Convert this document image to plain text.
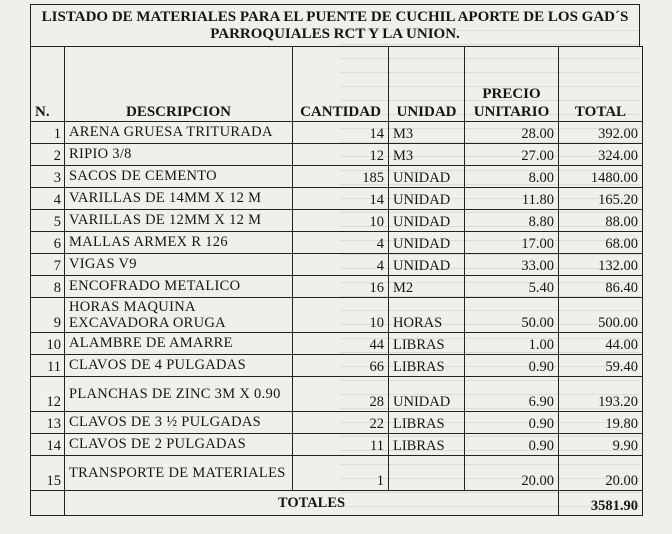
LISTADO DE MATERIALES PARA EL PUENTE DE CUCHIL APORTE DE LOS GAD´S PARROQUIALES RCT Y LA UNION.
N.	DESCRIPCION	CANTIDAD	UNIDAD	PRECIO UNITARIO	TOTAL
1	ARENA GRUESA TRITURADA	14	M3	28.00	392.00
2	RIPIO 3/8	12	M3	27.00	324.00
3	SACOS DE CEMENTO	185	UNIDAD	8.00	1480.00
4	VARILLAS DE 14MM X 12 M	14	UNIDAD	11.80	165.20
5	VARILLAS DE 12MM X 12 M	10	UNIDAD	8.80	88.00
6	MALLAS ARMEX R 126	4	UNIDAD	17.00	68.00
7	VIGAS V9	4	UNIDAD	33.00	132.00
8	ENCOFRADO METALICO	16	M2	5.40	86.40
9	HORAS MAQUINA EXCAVADORA ORUGA	10	HORAS	50.00	500.00
10	ALAMBRE DE AMARRE	44	LIBRAS	1.00	44.00
11	CLAVOS DE 4 PULGADAS	66	LIBRAS	0.90	59.40
12	PLANCHAS DE ZINC 3M X 0.90	28	UNIDAD	6.90	193.20
13	CLAVOS DE 3 ½ PULGADAS	22	LIBRAS	0.90	19.80
14	CLAVOS DE 2 PULGADAS	11	LIBRAS	0.90	9.90
15	TRANSPORTE DE MATERIALES	1		20.00	20.00
	TOTALES				3581.90
